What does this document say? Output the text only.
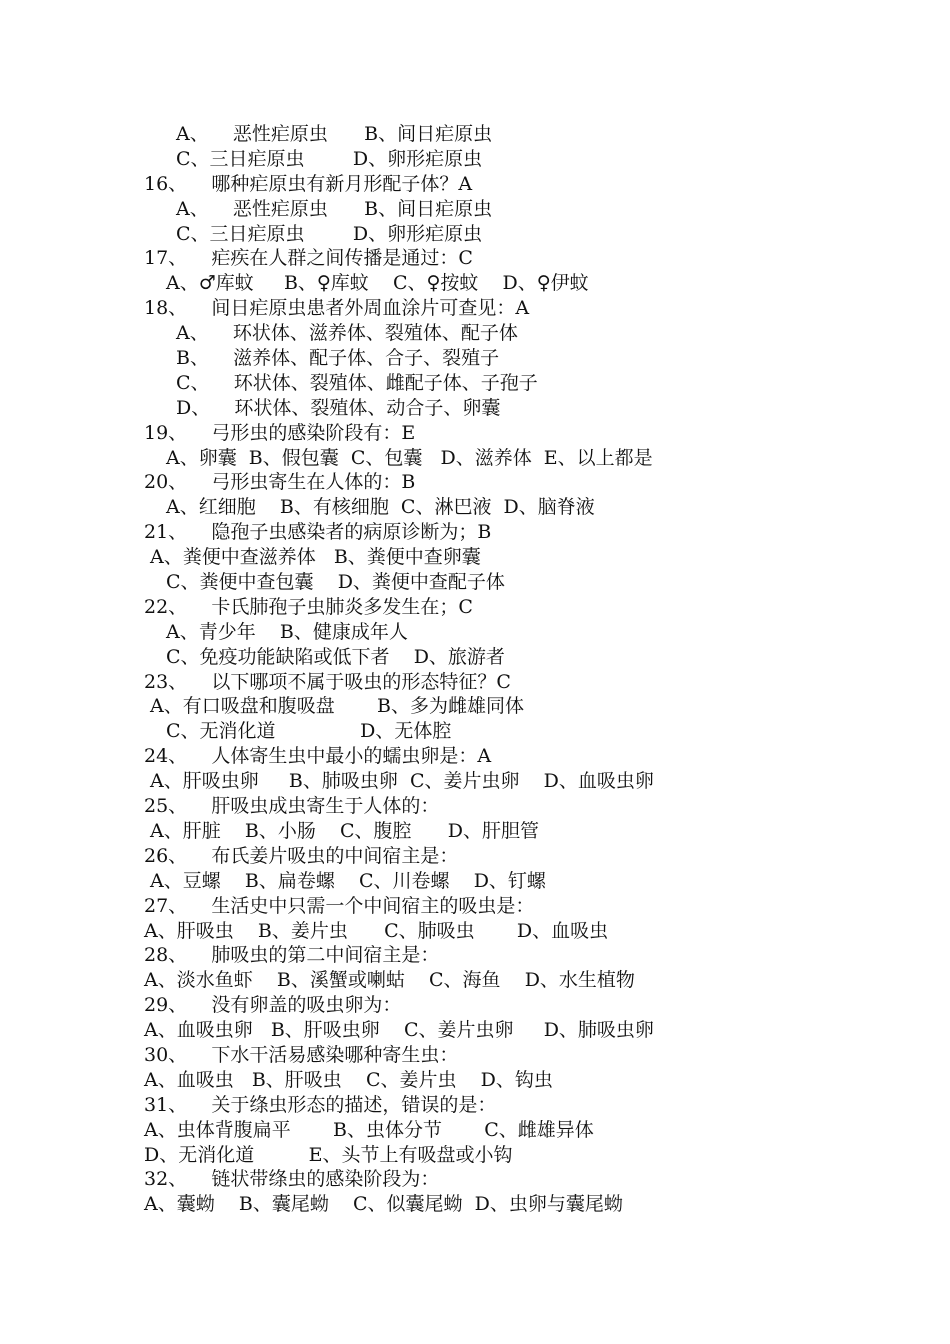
A、    恶性疟原虫      B、间日疟原虫
C、三日疟原虫        D、卵形疟原虫
16、    哪种疟原虫有新月形配子体？A
A、    恶性疟原虫      B、间日疟原虫
C、三日疟原虫        D、卵形疟原虫
17、    疟疾在人群之间传播是通过：C
A、♂库蚊     B、♀库蚊    C、♀按蚊    D、♀伊蚊
18、    间日疟原虫患者外周血涂片可查见：A
A、    环状体、滋养体、裂殖体、配子体
B、    滋养体、配子体、合子、裂殖子
C、    环状体、裂殖体、雌配子体、子孢子
D、    环状体、裂殖体、动合子、卵囊
19、    弓形虫的感染阶段有：E
A、卵囊  B、假包囊  C、包囊   D、滋养体  E、以上都是
20、    弓形虫寄生在人体的：B
A、红细胞    B、有核细胞  C、淋巴液  D、脑脊液
21、    隐孢子虫感染者的病原诊断为；B
A、粪便中查滋养体   B、粪便中查卵囊
C、粪便中查包囊    D、粪便中查配子体
22、    卡氏肺孢子虫肺炎多发生在；C
A、青少年    B、健康成年人
C、免疫功能缺陷或低下者    D、旅游者
23、    以下哪项不属于吸虫的形态特征？C
A、有口吸盘和腹吸盘       B、多为雌雄同体
C、无消化道              D、无体腔
24、    人体寄生虫中最小的蠕虫卵是：A
A、肝吸虫卵     B、肺吸虫卵  C、姜片虫卵    D、血吸虫卵
25、    肝吸虫成虫寄生于人体的：
A、肝脏    B、小肠    C、腹腔      D、肝胆管
26、    布氏姜片吸虫的中间宿主是：
A、豆螺    B、扁卷螺    C、川卷螺    D、钉螺
27、    生活史中只需一个中间宿主的吸虫是：
A、肝吸虫    B、姜片虫      C、肺吸虫       D、血吸虫
28、    肺吸虫的第二中间宿主是：
A、淡水鱼虾    B、溪蟹或喇蛄    C、海鱼    D、水生植物
29、    没有卵盖的吸虫卵为：
A、血吸虫卵   B、肝吸虫卵    C、姜片虫卵     D、肺吸虫卵
30、    下水干活易感染哪种寄生虫：
A、血吸虫   B、肝吸虫    C、姜片虫    D、钩虫
31、    关于绦虫形态的描述，错误的是：
A、虫体背腹扁平       B、虫体分节       C、雌雄异体
D、无消化道         E、头节上有吸盘或小钩
32、    链状带绦虫的感染阶段为：
A、囊蚴    B、囊尾蚴    C、似囊尾蚴  D、虫卵与囊尾蚴
